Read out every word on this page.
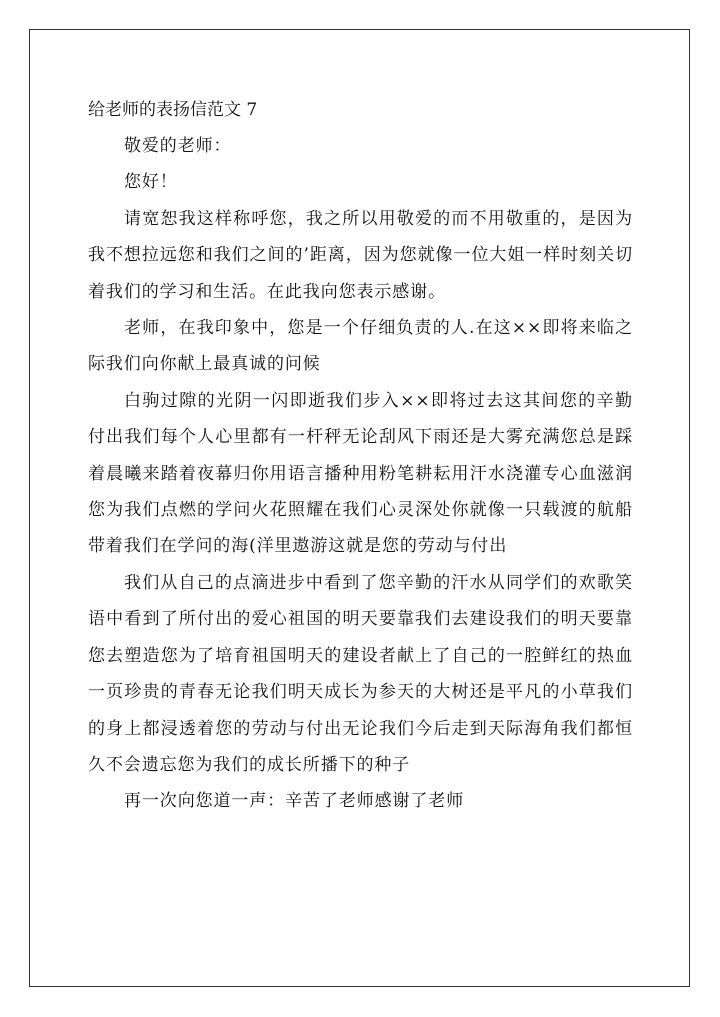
给老师的表扬信范文 7

敬爱的老师：

您好！

请宽恕我这样称呼您，我之所以用敬爱的而不用敬重的，是因为我不想拉远您和我们之间的’距离，因为您就像一位大姐一样时刻关切着我们的学习和生活。在此我向您表示感谢。

老师，在我印象中，您是一个仔细负责的人.在这××即将来临之际我们向你献上最真诚的问候

白驹过隙的光阴一闪即逝我们步入××即将过去这其间您的辛勤付出我们每个人心里都有一杆秤无论刮风下雨还是大雾充满您总是踩着晨曦来踏着夜幕归你用语言播种用粉笔耕耘用汗水浇灌专心血滋润您为我们点燃的学问火花照耀在我们心灵深处你就像一只载渡的航船带着我们在学问的海(洋里遨游这就是您的劳动与付出

我们从自己的点滴进步中看到了您辛勤的汗水从同学们的欢歌笑语中看到了所付出的爱心祖国的明天要靠我们去建设我们的明天要靠您去塑造您为了培育祖国明天的建设者献上了自己的一腔鲜红的热血一页珍贵的青春无论我们明天成长为参天的大树还是平凡的小草我们的身上都浸透着您的劳动与付出无论我们今后走到天际海角我们都恒久不会遗忘您为我们的成长所播下的种子

再一次向您道一声：辛苦了老师感谢了老师
